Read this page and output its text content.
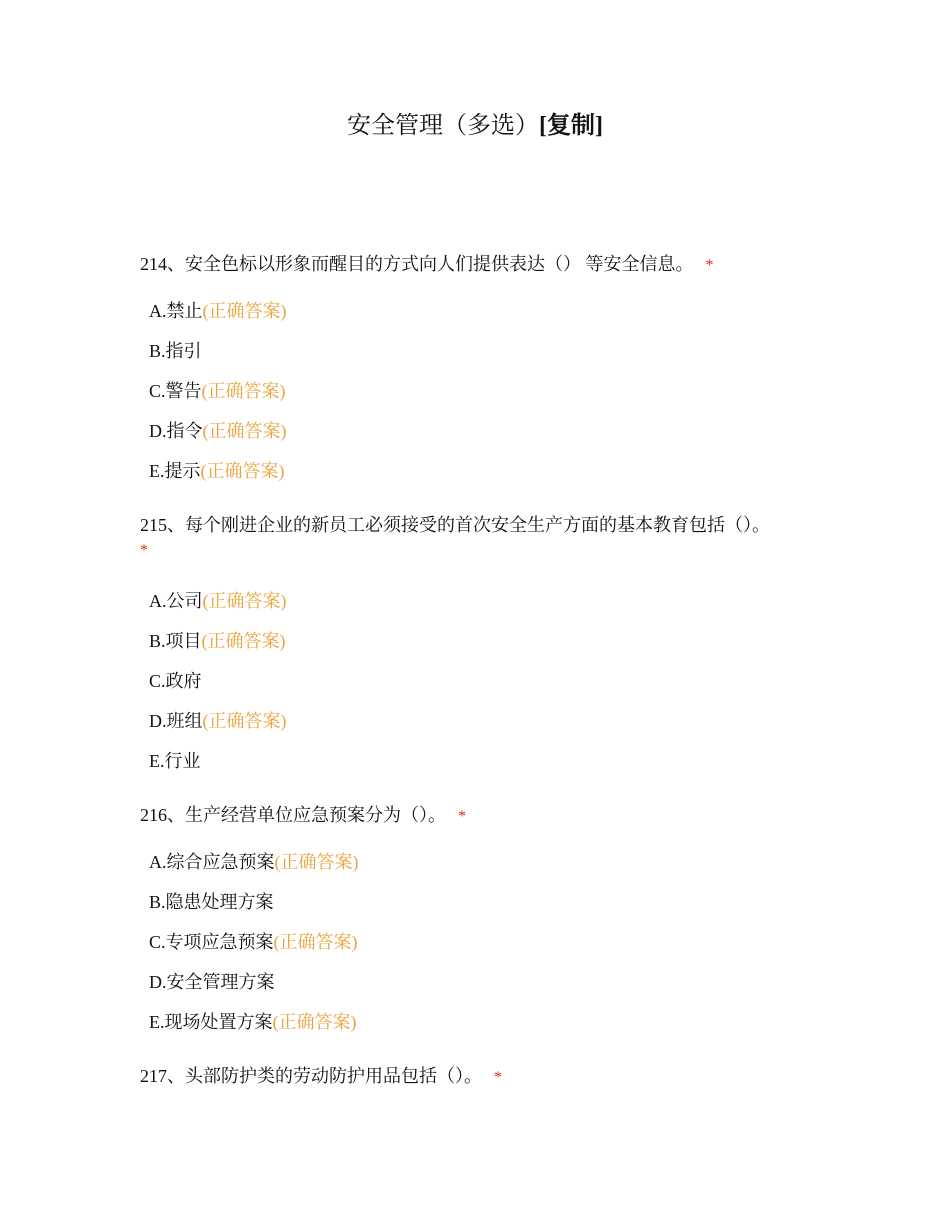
安全管理（多选）[复制]

214、安全色标以形象而醒目的方式向人们提供表达（） 等安全信息。 *

A.禁止(正确答案)
B.指引
C.警告(正确答案)
D.指令(正确答案)
E.提示(正确答案)

215、每个刚进企业的新员工必须接受的首次安全生产方面的基本教育包括（）。
*

A.公司(正确答案)
B.项目(正确答案)
C.政府
D.班组(正确答案)
E.行业

216、生产经营单位应急预案分为（）。 *

A.综合应急预案(正确答案)
B.隐患处理方案
C.专项应急预案(正确答案)
D.安全管理方案
E.现场处置方案(正确答案)

217、头部防护类的劳动防护用品包括（）。 *
